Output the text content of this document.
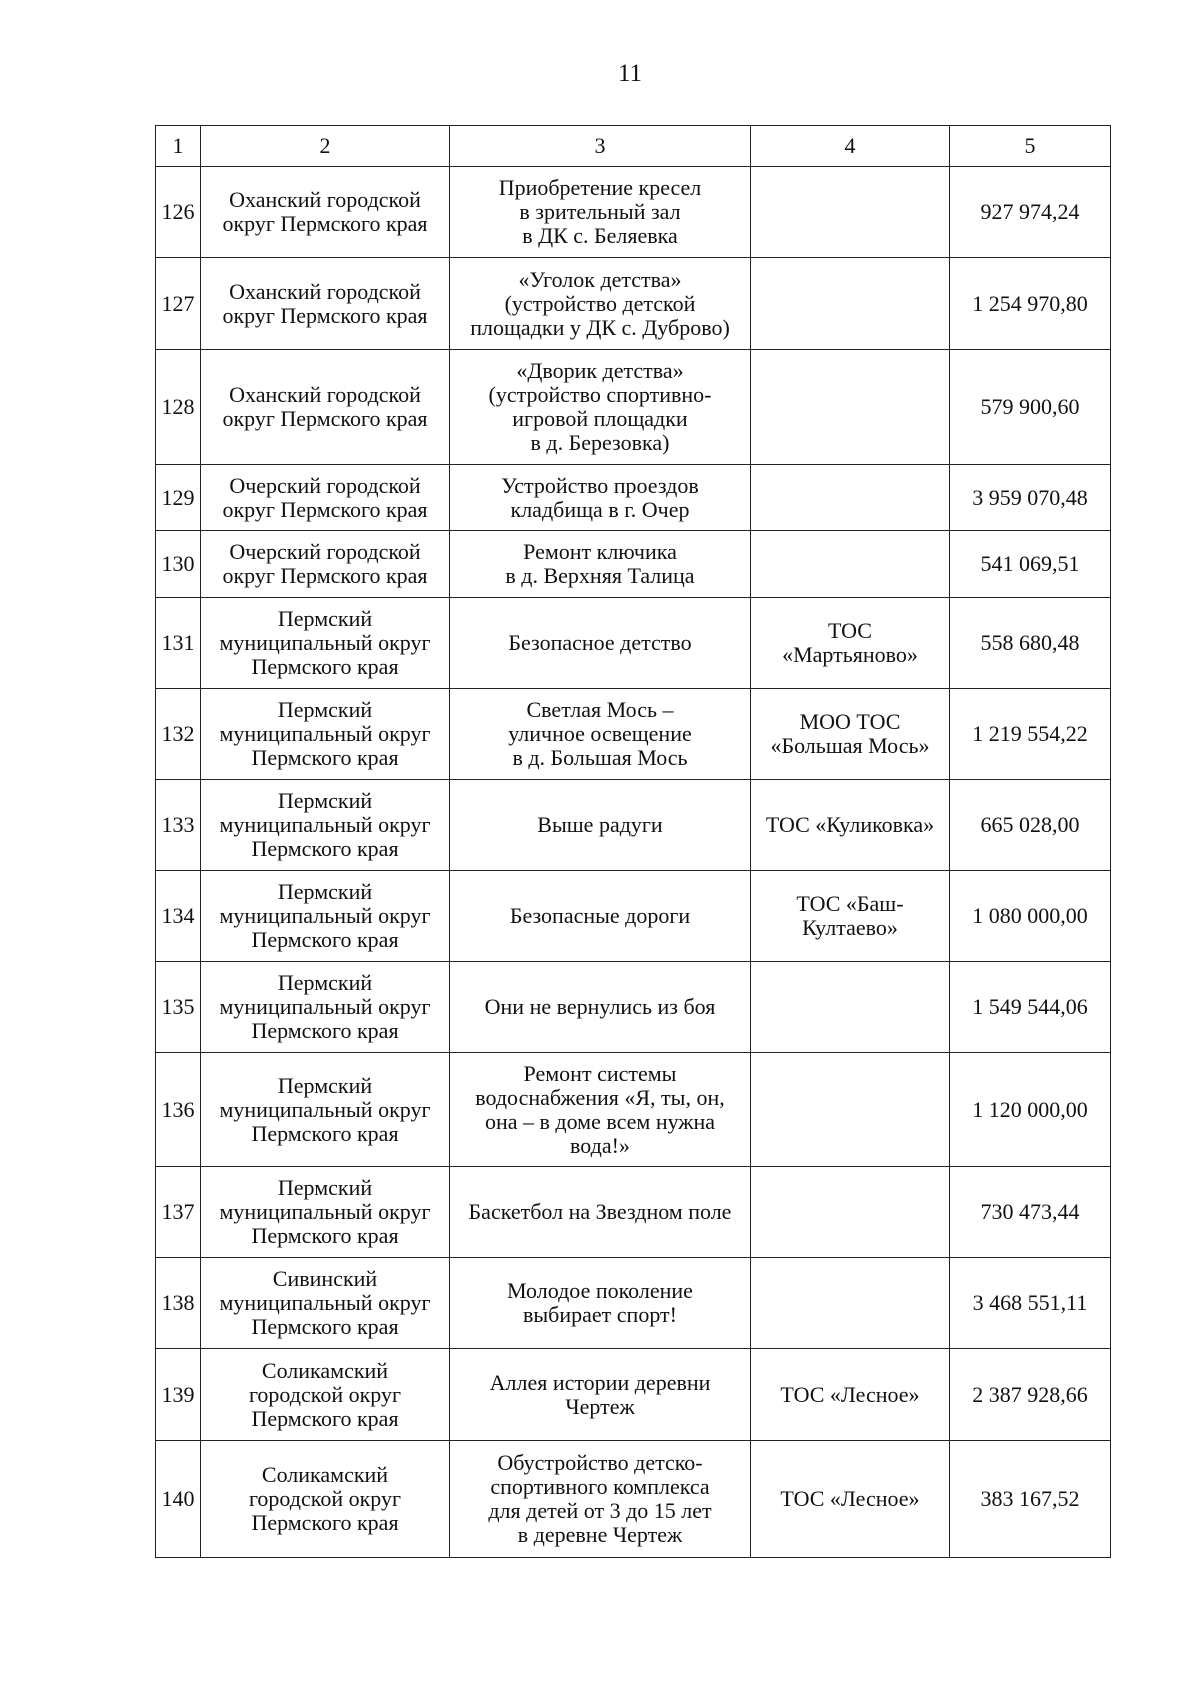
11
1	2	3	4	5
126	Оханский городской
округ Пермского края	Приобретение кресел
в зрительный зал
в ДК с. Беляевка		927 974,24
127	Оханский городской
округ Пермского края	«Уголок детства»
(устройство детской
площадки у ДК с. Дуброво)		1 254 970,80
128	Оханский городской
округ Пермского края	«Дворик детства»
(устройство спортивно-
игровой площадки
в д. Березовка)		579 900,60
129	Очерский городской
округ Пермского края	Устройство проездов
кладбища в г. Очер		3 959 070,48
130	Очерский городской
округ Пермского края	Ремонт ключика
в д. Верхняя Талица		541 069,51
131	Пермский
муниципальный округ
Пермского края	Безопасное детство	ТОС
«Мартьяново»	558 680,48
132	Пермский
муниципальный округ
Пермского края	Светлая Мось –
уличное освещение
в д. Большая Мось	МОО ТОС
«Большая Мось»	1 219 554,22
133	Пермский
муниципальный округ
Пермского края	Выше радуги	ТОС «Куликовка»	665 028,00
134	Пермский
муниципальный округ
Пермского края	Безопасные дороги	ТОС «Баш-
Култаево»	1 080 000,00
135	Пермский
муниципальный округ
Пермского края	Они не вернулись из боя		1 549 544,06
136	Пермский
муниципальный округ
Пермского края	Ремонт системы
водоснабжения «Я, ты, он,
она – в доме всем нужна
вода!»		1 120 000,00
137	Пермский
муниципальный округ
Пермского края	Баскетбол на Звездном поле		730 473,44
138	Сивинский
муниципальный округ
Пермского края	Молодое поколение
выбирает спорт!		3 468 551,11
139	Соликамский
городской округ
Пермского края	Аллея истории деревни
Чертеж	ТОС «Лесное»	2 387 928,66
140	Соликамский
городской округ
Пермского края	Обустройство детско-
спортивного комплекса
для детей от 3 до 15 лет
в деревне Чертеж	ТОС «Лесное»	383 167,52
